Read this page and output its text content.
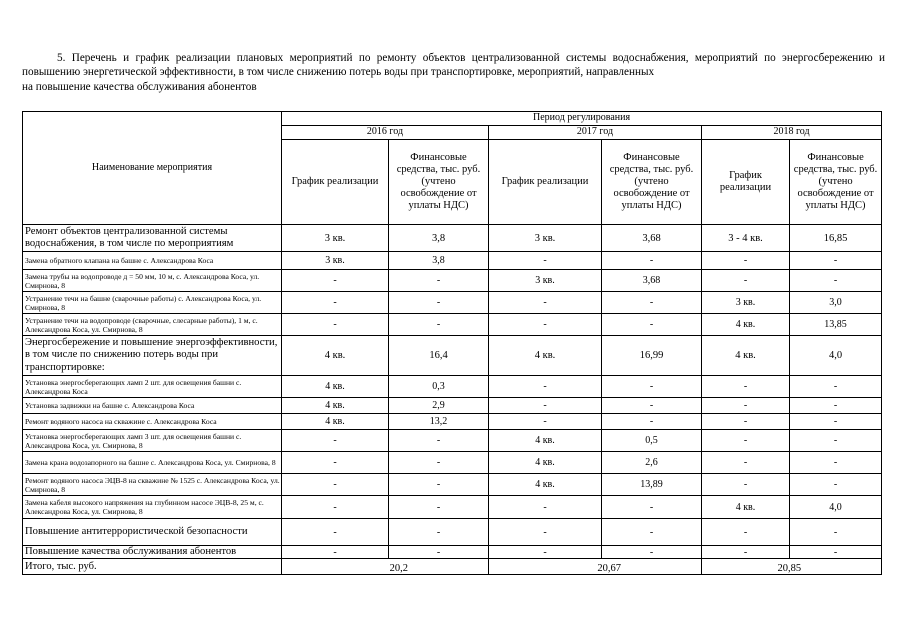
5. Перечень и график реализации плановых мероприятий по ремонту объектов централизованной системы водоснабжения, мероприятий по энергосбережению и повышению энергетической эффективности, в том числе снижению потерь воды при транспортировке, мероприятий, направленных
на повышение качества обслуживания абонентов
Наименование мероприятия	Период регулирования					
	2016 год		2017 год		2018 год	
	График реализации	Финансовые средства, тыс. руб. (учтено освобождение от уплаты НДС)	График реализации	Финансовые средства, тыс. руб. (учтено освобождение от уплаты НДС)	График реализации	Финансовые средства, тыс. руб. (учтено освобождение от уплаты НДС)
Ремонт объектов централизованной системы водоснабжения, в том числе по мероприятиям	3 кв.	3,8	3 кв.	3,68	3 - 4 кв.	16,85
Замена обратного клапана на башне с. Александрова Коса	3 кв.	3,8	-	-	-	-
Замена трубы на водопроводе д = 50 мм, 10 м, с. Александрова Коса, ул. Смирнова, 8	-	-	3 кв.	3,68	-	-
Устранение течи на башне (сварочные работы) с. Александрова Коса, ул. Смирнова, 8	-	-	-	-	3 кв.	3,0
Устранение течи на водопроводе (сварочные, слесарные работы), 1 м, с. Александрова Коса, ул. Смирнова, 8	-	-	-	-	4 кв.	13,85
Энергосбережение и повышение энергоэффективности, в том числе по снижению потерь воды при транспортировке:	4 кв.	16,4	4 кв.	16,99	4 кв.	4,0
Установка энергосберегающих ламп 2 шт. для освещения башни с. Александрова Коса	4 кв.	0,3	-	-	-	-
Установка задвижки на башне с. Александрова Коса	4 кв.	2,9	-	-	-	-
Ремонт водяного насоса на скважине с. Александрова Коса	4 кв.	13,2	-	-	-	-
Установка энергосберегающих ламп 3 шт. для освещения башни с. Александрова Коса, ул. Смирнова, 8	-	-	4 кв.	0,5	-	-
Замена крана водозапорного на башне с. Александрова Коса, ул. Смирнова, 8	-	-	4 кв.	2,6	-	-
Ремонт водяного насоса ЭЦВ-8 на скважине № 1525 с. Александрова Коса, ул. Смирнова, 8	-	-	4 кв.	13,89	-	-
Замена кабеля высокого напряжения на глубинном насосе ЭЦВ-8, 25 м, с. Александрова Коса, ул. Смирнова, 8	-	-	-	-	4 кв.	4,0
Повышение антитеррористической безопасности	-	-	-	-	-	-
Повышение качества обслуживания абонентов	-	-	-	-	-	-
Итого, тыс. руб.	20,2		20,67		20,85	
